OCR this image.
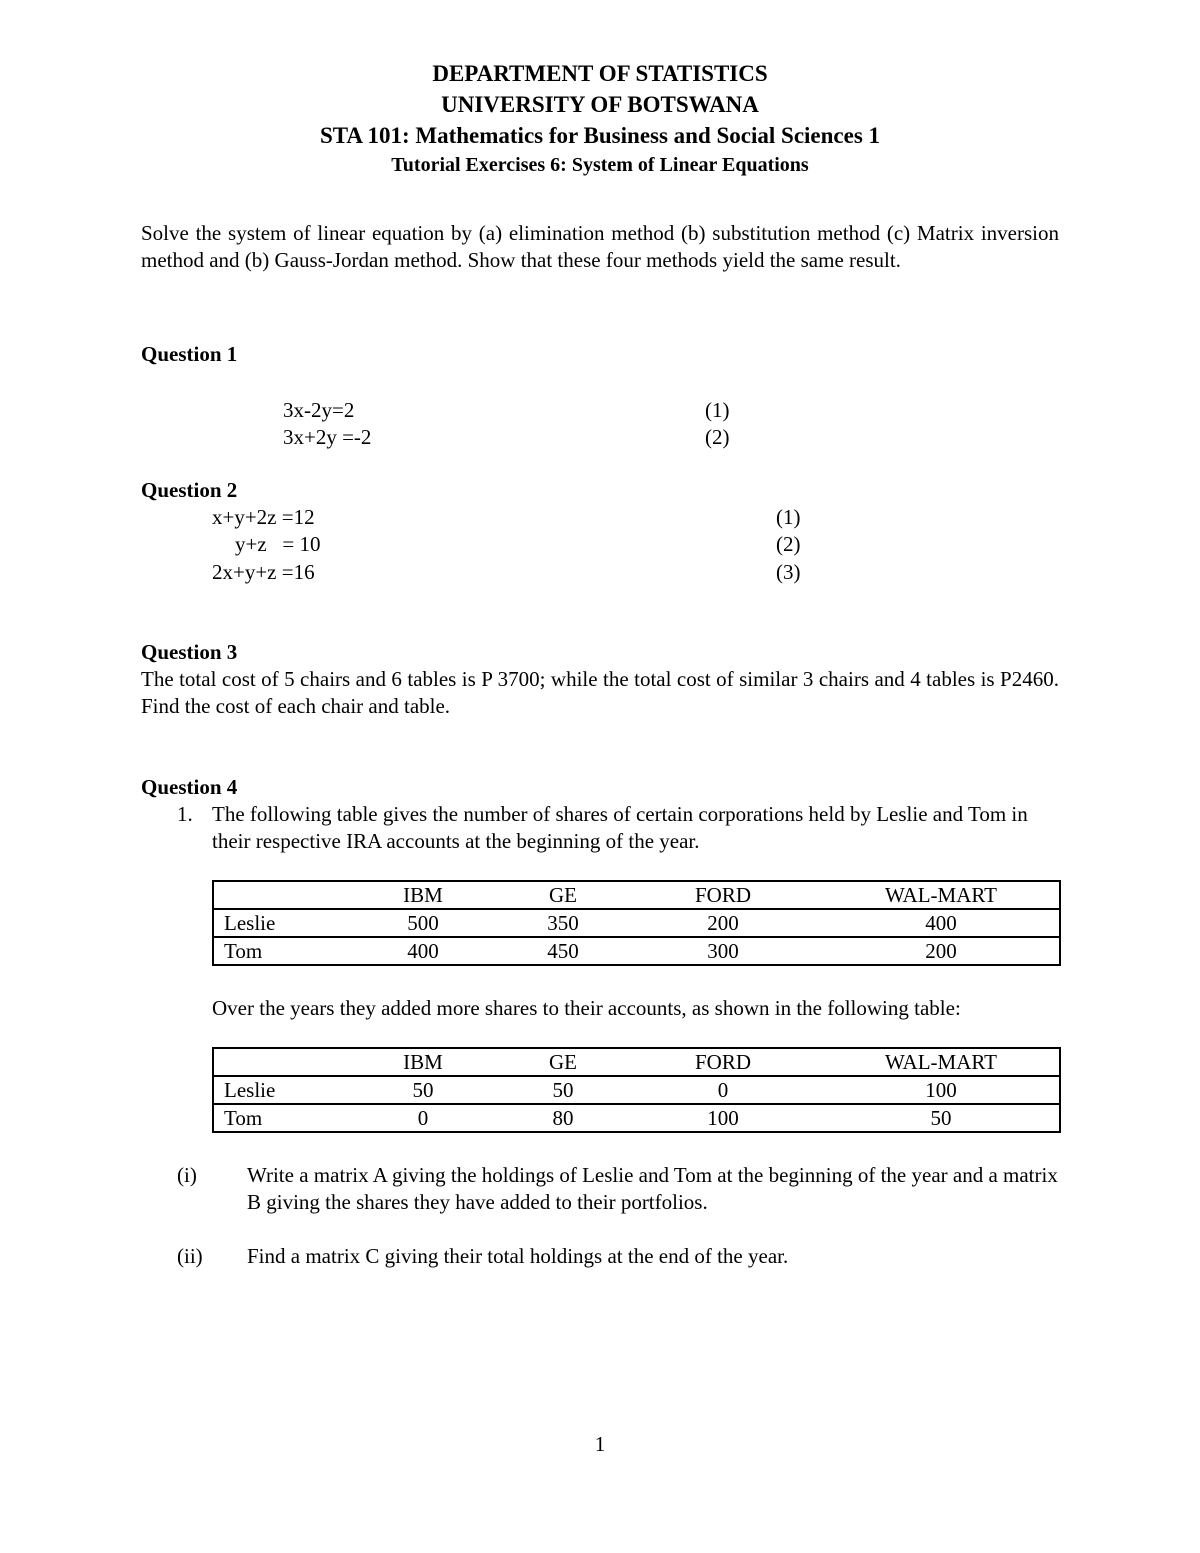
DEPARTMENT OF STATISTICS
UNIVERSITY OF BOTSWANA
STA 101: Mathematics for Business and Social Sciences 1
Tutorial Exercises 6: System of Linear Equations
Solve the system of linear equation by (a) elimination method (b) substitution method (c) Matrix inversion method and (b) Gauss-Jordan method. Show that these four methods yield the same result.
Question 1
3x-2y=2	(1)
3x+2y =-2	(2)
Question 2
x+y+2z =12	(1)
y+z   = 10	(2)
2x+y+z =16	(3)
Question 3
The total cost of 5 chairs and 6 tables is P 3700; while the total cost of similar 3 chairs and 4 tables is P2460. Find the cost of each chair and table.
Question 4
1. The following table gives the number of shares of certain corporations held by Leslie and Tom in their respective IRA accounts at the beginning of the year.
	IBM	GE	FORD	WAL-MART
Leslie	500	350	200	400
Tom	400	450	300	200
Over the years they added more shares to their accounts, as shown in the following table:
	IBM	GE	FORD	WAL-MART
Leslie	50	50	0	100
Tom	0	80	100	50
(i) Write a matrix A giving the holdings of Leslie and Tom at the beginning of the year and a matrix B giving the shares they have added to their portfolios.
(ii) Find a matrix C giving their total holdings at the end of the year.
1
